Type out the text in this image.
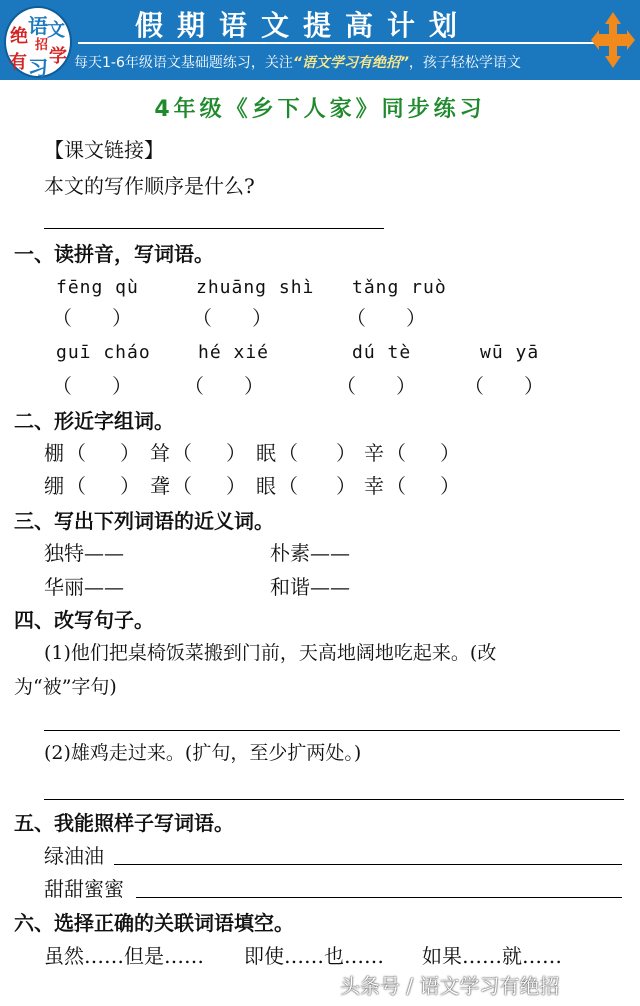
绝 语 文
招
有 习 学
假期语文提高计划
每天1-6年级语文基础题练习，关注“语文学习有绝招”，孩子轻松学语文
4年级《乡下人家》同步练习
【课文链接】
本文的写作顺序是什么?
一、读拼音，写词语。
fēng qù	zhuāng shì tǎng ruò
（　　）	（　　）	（　　）
guī cháo	hé xié	dú tè	wū yā
（　　）	（　　）	（　　） （　　）
二、形近字组词。
棚 （ ） 耸 （ ） 眠 （ ） 辛 （ ）
绷 （ ） 聋 （ ） 眼 （ ） 幸 （ ）
三、写出下列词语的近义词。
独特——	朴素——
华丽——	和谐——
四、改写句子。
(1)他们把桌椅饭菜搬到门前，天高地阔地吃起来。(改
为“被”字句)
(2)雄鸡走过来。(扩句，至少扩两处。)
五、我能照样子写词语。
绿油油
甜甜蜜蜜
六、选择正确的关联词语填空。
虽然……但是…… 即使……也…… 如果……就……
头条号 / 语文学习有绝招
